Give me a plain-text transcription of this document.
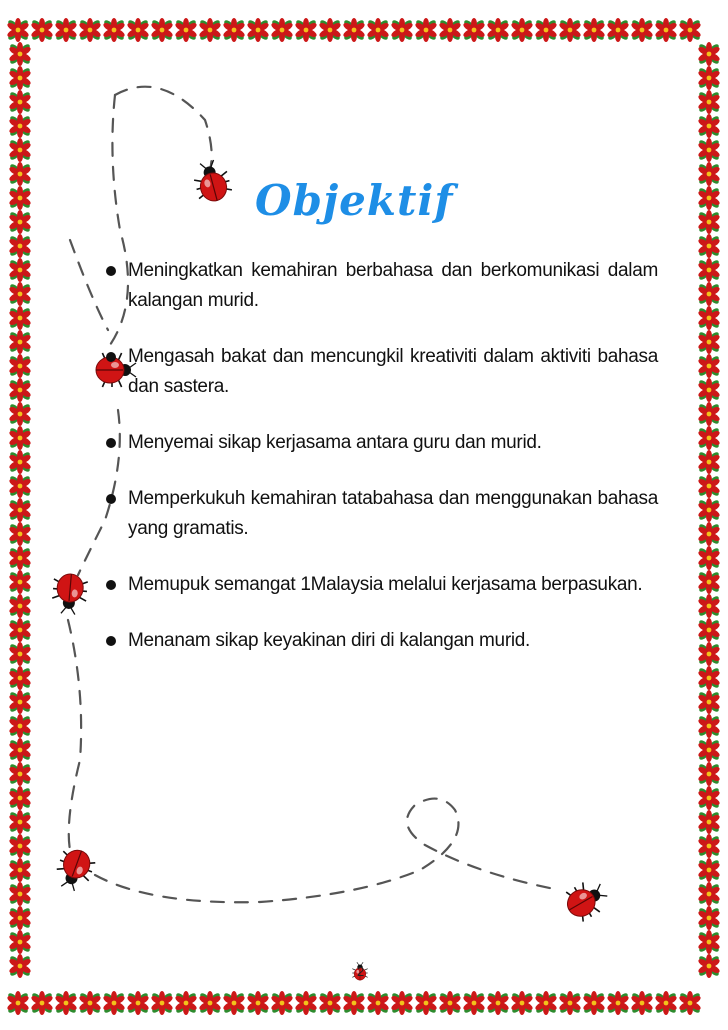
Objektif
Meningkatkan kemahiran berbahasa dan berkomunikasi dalam kalangan murid.
Mengasah bakat dan mencungkil kreativiti dalam aktiviti bahasa dan sastera.
Menyemai sikap kerjasama antara guru dan murid.
Memperkukuh kemahiran tatabahasa dan menggunakan bahasa yang gramatis.
Memupuk semangat 1Malaysia melalui kerjasama berpasukan.
Menanam sikap keyakinan diri di kalangan murid.
2
